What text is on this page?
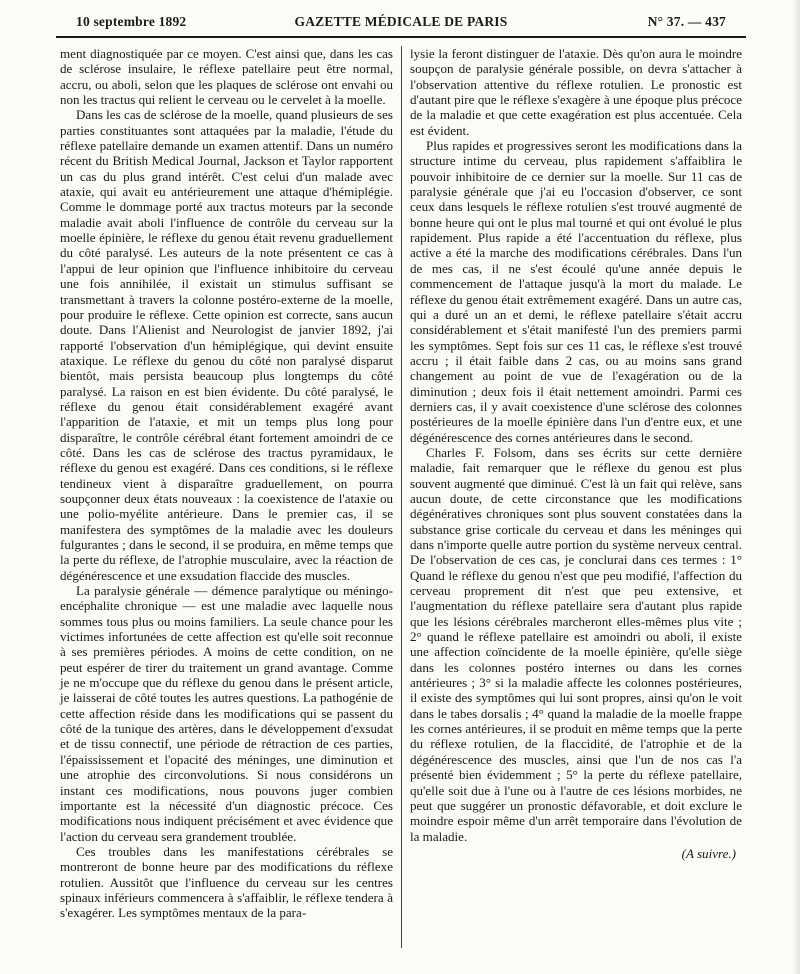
10 septembre 1892	GAZETTE MÉDICALE DE PARIS	N° 37. — 437

ment diagnostiquée par ce moyen. C'est ainsi que, dans les cas de sclérose insulaire, le réflexe patellaire peut être normal, accru, ou aboli, selon que les plaques de sclérose ont envahi ou non les tractus qui relient le cerveau ou le cervelet à la moelle.

Dans les cas de sclérose de la moelle, quand plusieurs de ses parties constituantes sont attaquées par la maladie, l'étude du réflexe patellaire demande un examen attentif. Dans un numéro récent du British Medical Journal, Jackson et Taylor rapportent un cas du plus grand intérêt. C'est celui d'un malade avec ataxie, qui avait eu antérieurement une attaque d'hémiplégie. Comme le dommage porté aux tractus moteurs par la seconde maladie avait aboli l'influence de contrôle du cerveau sur la moelle épinière, le réflexe du genou était revenu graduellement du côté paralysé. Les auteurs de la note présentent ce cas à l'appui de leur opinion que l'influence inhibitoire du cerveau une fois annihilée, il existait un stimulus suffisant se transmettant à travers la colonne postéro-externe de la moelle, pour produire le réflexe. Cette opinion est correcte, sans aucun doute. Dans l'Alienist and Neurologist de janvier 1892, j'ai rapporté l'observation d'un hémiplégique, qui devint ensuite ataxique. Le réflexe du genou du côté non paralysé disparut bientôt, mais persista beaucoup plus longtemps du côté paralysé. La raison en est bien évidente. Du côté paralysé, le réflexe du genou était considérablement exagéré avant l'apparition de l'ataxie, et mit un temps plus long pour disparaître, le contrôle cérébral étant fortement amoindri de ce côté. Dans les cas de sclérose des tractus pyramidaux, le réflexe du genou est exagéré. Dans ces conditions, si le réflexe tendineux vient à disparaître graduellement, on pourra soupçonner deux états nouveaux : la coexistence de l'ataxie ou une polio-myélite antérieure. Dans le premier cas, il se manifestera des symptômes de la maladie avec les douleurs fulgurantes ; dans le second, il se produira, en même temps que la perte du réflexe, de l'atrophie musculaire, avec la réaction de dégénérescence et une exsudation flaccide des muscles.

La paralysie générale — démence paralytique ou méningo-encéphalite chronique — est une maladie avec laquelle nous sommes tous plus ou moins familiers. La seule chance pour les victimes infortunées de cette affection est qu'elle soit reconnue à ses premières périodes. A moins de cette condition, on ne peut espérer de tirer du traitement un grand avantage. Comme je ne m'occupe que du réflexe du genou dans le présent article, je laisserai de côté toutes les autres questions. La pathogénie de cette affection réside dans les modifications qui se passent du côté de la tunique des artères, dans le développement d'exsudat et de tissu connectif, une période de rétraction de ces parties, l'épaississement et l'opacité des méninges, une diminution et une atrophie des circonvolutions. Si nous considérons un instant ces modifications, nous pouvons juger combien importante est la nécessité d'un diagnostic précoce. Ces modifications nous indiquent précisément et avec évidence que l'action du cerveau sera grandement troublée.

Ces troubles dans les manifestations cérébrales se montreront de bonne heure par des modifications du réflexe rotulien. Aussitôt que l'influence du cerveau sur les centres spinaux inférieurs commencera à s'affaiblir, le réflexe tendera à s'exagérer. Les symptômes mentaux de la para-

lysie la feront distinguer de l'ataxie. Dès qu'on aura le moindre soupçon de paralysie générale possible, on devra s'attacher à l'observation attentive du réflexe rotulien. Le pronostic est d'autant pire que le réflexe s'exagère à une époque plus précoce de la maladie et que cette exagération est plus accentuée. Cela est évident.

Plus rapides et progressives seront les modifications dans la structure intime du cerveau, plus rapidement s'affaiblira le pouvoir inhibitoire de ce dernier sur la moelle. Sur 11 cas de paralysie générale que j'ai eu l'occasion d'observer, ce sont ceux dans lesquels le réflexe rotulien s'est trouvé augmenté de bonne heure qui ont le plus mal tourné et qui ont évolué le plus rapidement. Plus rapide a été l'accentuation du réflexe, plus active a été la marche des modifications cérébrales. Dans l'un de mes cas, il ne s'est écoulé qu'une année depuis le commencement de l'attaque jusqu'à la mort du malade. Le réflexe du genou était extrêmement exagéré. Dans un autre cas, qui a duré un an et demi, le réflexe patellaire s'était accru considérablement et s'était manifesté l'un des premiers parmi les symptômes. Sept fois sur ces 11 cas, le réflexe s'est trouvé accru ; il était faible dans 2 cas, ou au moins sans grand changement au point de vue de l'exagération ou de la diminution ; deux fois il était nettement amoindri. Parmi ces derniers cas, il y avait coexistence d'une sclérose des colonnes postérieures de la moelle épinière dans l'un d'entre eux, et une dégénérescence des cornes antérieures dans le second.

Charles F. Folsom, dans ses écrits sur cette dernière maladie, fait remarquer que le réflexe du genou est plus souvent augmenté que diminué. C'est là un fait qui relève, sans aucun doute, de cette circonstance que les modifications dégénératives chroniques sont plus souvent constatées dans la substance grise corticale du cerveau et dans les méninges qui dans n'importe quelle autre portion du système nerveux central. De l'observation de ces cas, je conclurai dans ces termes : 1° Quand le réflexe du genou n'est que peu modifié, l'affection du cerveau proprement dit n'est que peu extensive, et l'augmentation du réflexe patellaire sera d'autant plus rapide que les lésions cérébrales marcheront elles-mêmes plus vite ; 2° quand le réflexe patellaire est amoindri ou aboli, il existe une affection coïncidente de la moelle épinière, qu'elle siège dans les colonnes postéro internes ou dans les cornes antérieures ; 3° si la maladie affecte les colonnes postérieures, il existe des symptômes qui lui sont propres, ainsi qu'on le voit dans le tabes dorsalis ; 4° quand la maladie de la moelle frappe les cornes antérieures, il se produit en même temps que la perte du réflexe rotulien, de la flaccidité, de l'atrophie et de la dégénérescence des muscles, ainsi que l'un de nos cas l'a présenté bien évidemment ; 5° la perte du réflexe patellaire, qu'elle soit due à l'une ou à l'autre de ces lésions morbides, ne peut que suggérer un pronostic défavorable, et doit exclure le moindre espoir même d'un arrêt temporaire dans l'évolution de la maladie.

(A suivre.)
